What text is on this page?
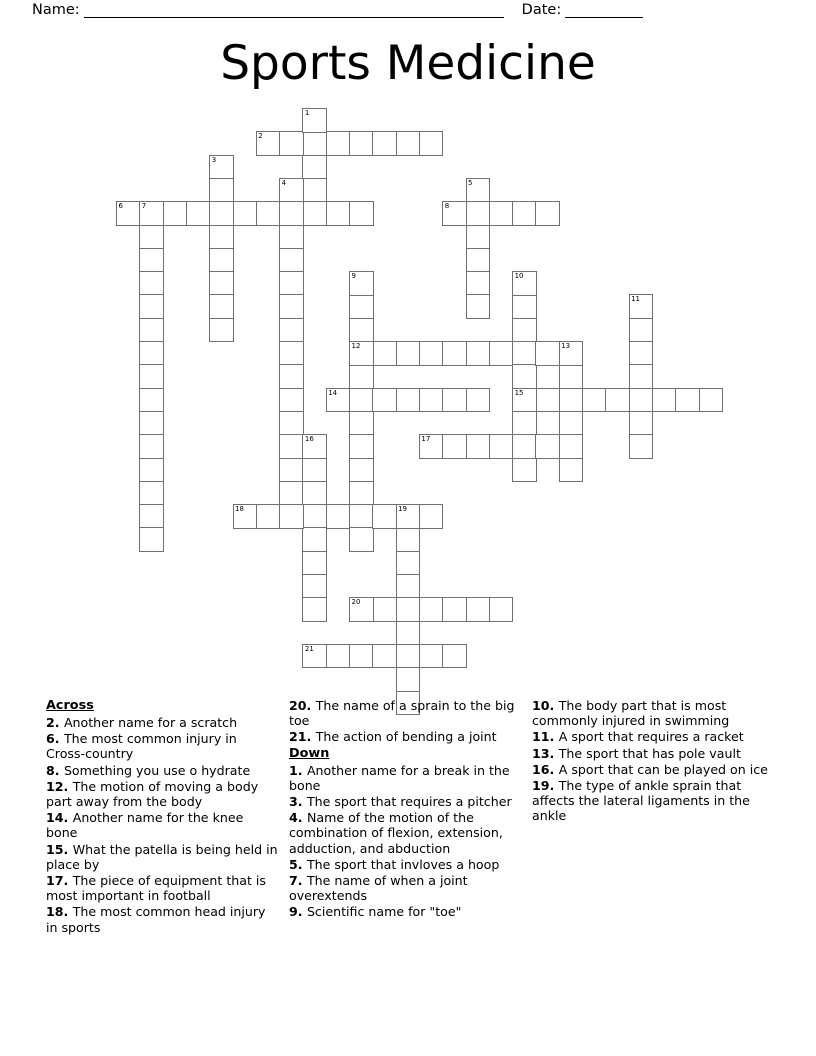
Name:	Date:
Sports Medicine
1
2
3
4	5
6	7	8
9
12
10
15
11
13
14
16	17
18	19
20
21

Across

2. Another name for a scratch

6. The most common injury in Cross-country

8. Something you use o hydrate

12. The motion of moving a body part away from the body

14. Another name for the knee bone

15. What the patella is being held in place by

17. The piece of equipment that is most important in football

18. The most common head injury in sports

20. The name of a sprain to the big toe

21. The action of bending a joint

Down

1. Another name for a break in the bone

3. The sport that requires a pitcher

4. Name of the motion of the combination of flexion, extension, adduction, and abduction

5. The sport that invloves a hoop

7. The name of when a joint overextends

9. Scientific name for "toe"

10. The body part that is most commonly injured in swimming

11. A sport that requires a racket

13. The sport that has pole vault

16. A sport that can be played on ice

19. The type of ankle sprain that affects the lateral ligaments in the ankle
